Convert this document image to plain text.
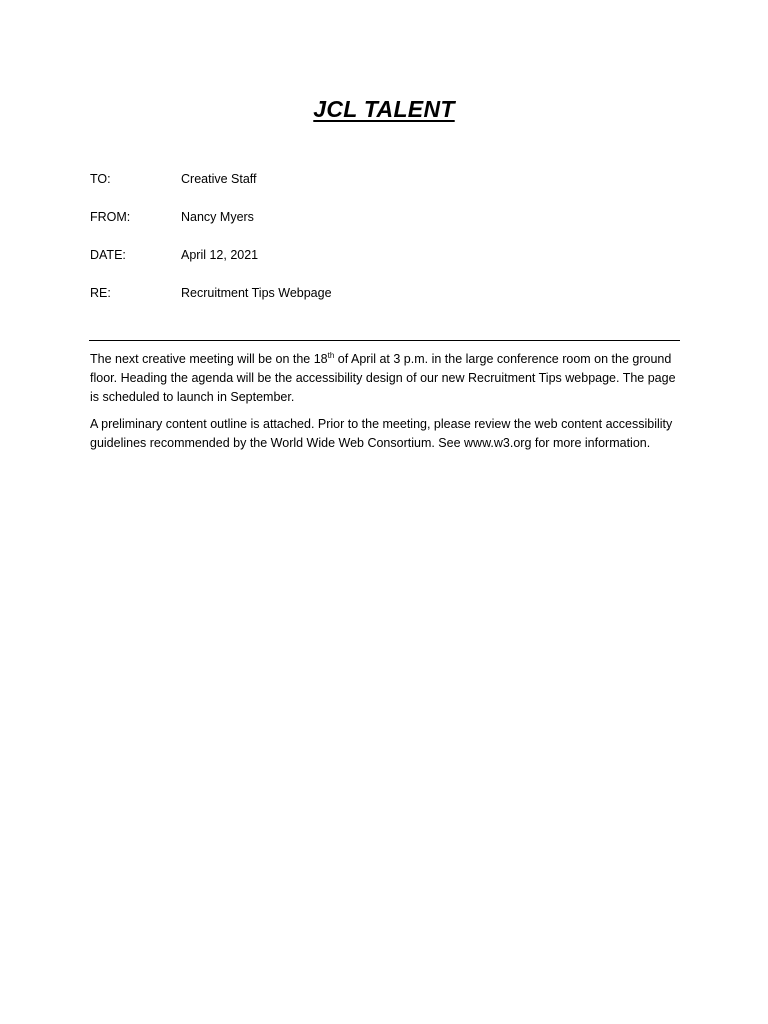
JCL TALENT
TO:	Creative Staff
FROM:	Nancy Myers
DATE:	April 12, 2021
RE:	Recruitment Tips Webpage

The next creative meeting will be on the 18th of April at 3 p.m. in the large conference room on the ground floor. Heading the agenda will be the accessibility design of our new Recruitment Tips webpage. The page is scheduled to launch in September.

A preliminary content outline is attached. Prior to the meeting, please review the web content accessibility guidelines recommended by the World Wide Web Consortium. See www.w3.org for more information.
